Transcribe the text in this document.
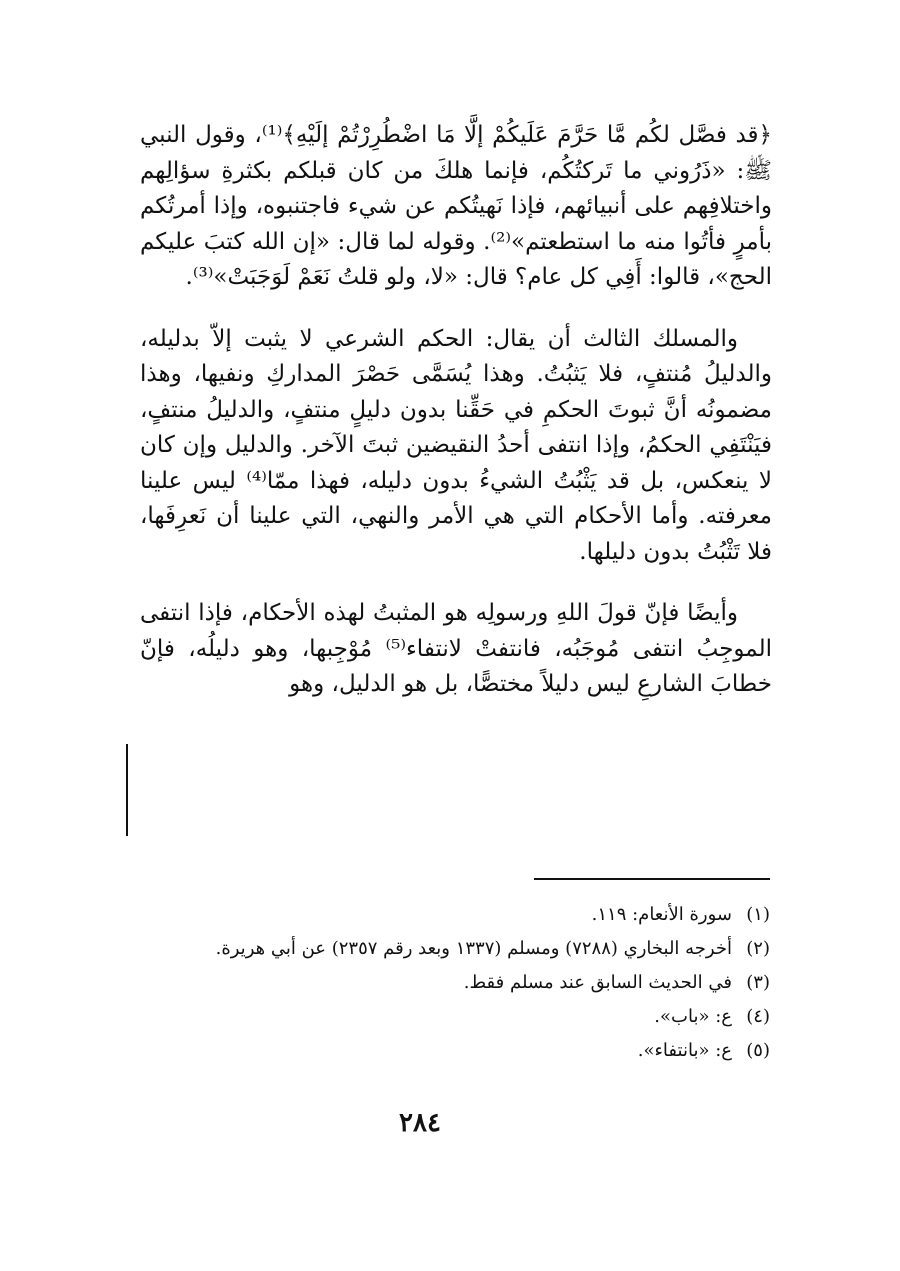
﴿قد فصَّل لكُم مَّا حَرَّمَ عَلَيكُمْ إلَّا مَا اضْطُرِرْتُمْ إلَيْهِ﴾⁽¹⁾، وقول النبي ﷺ: «ذَرُوني ما تَركتُكُم، فإنما هلكَ من كان قبلكم بكثرةِ سؤالِهم واختلافِهم على أنبيائهم، فإذا نَهيتُكم عن شيء فاجتنبوه، وإذا أمرتُكم بأمرٍ فأتُوا منه ما استطعتم»⁽²⁾. وقوله لما قال: «إن الله كتبَ عليكم الحج»، قالوا: أَفِي كل عام؟ قال: «لا، ولو قلتُ نَعَمْ لَوَجَبَتْ»⁽³⁾.

والمسلك الثالث أن يقال: الحكم الشرعي لا يثبت إلاّ بدليله، والدليلُ مُنتفٍ، فلا يَثبُتُ. وهذا يُسَمَّى حَصْرَ المداركِ ونفيها، وهذا مضمونُه أنَّ ثبوتَ الحكمِ في حَقِّنا بدون دليلٍ منتفٍ، والدليلُ منتفٍ، فيَنْتَفِي الحكمُ، وإذا انتفى أحدُ النقيضين ثبتَ الآخر. والدليل وإن كان لا ينعكس، بل قد يَثْبُتُ الشيءُ بدون دليله، فهذا ممّا⁽⁴⁾ ليس علينا معرفته. وأما الأحكام التي هي الأمر والنهي، التي علينا أن نَعرِفَها، فلا تَثْبُتُ بدون دليلها.

وأيضًا فإنّ قولَ اللهِ ورسولِه هو المثبتُ لهذه الأحكام، فإذا انتفى الموجِبُ انتفى مُوجَبُه، فانتفتْ لانتفاء⁽⁵⁾ مُوْجِبها، وهو دليلُه، فإنّ خطابَ الشارعِ ليس دليلاً مختصًّا، بل هو الدليل، وهو

(١)
سورة الأنعام: ١١٩.
(٢)
أخرجه البخاري (٧٢٨٨) ومسلم (١٣٣٧ وبعد رقم ٢٣٥٧) عن أبي هريرة.
(٣)
في الحديث السابق عند مسلم فقط.
(٤)
ع: «باب».
(٥)
ع: «بانتفاء».
٢٨٤
